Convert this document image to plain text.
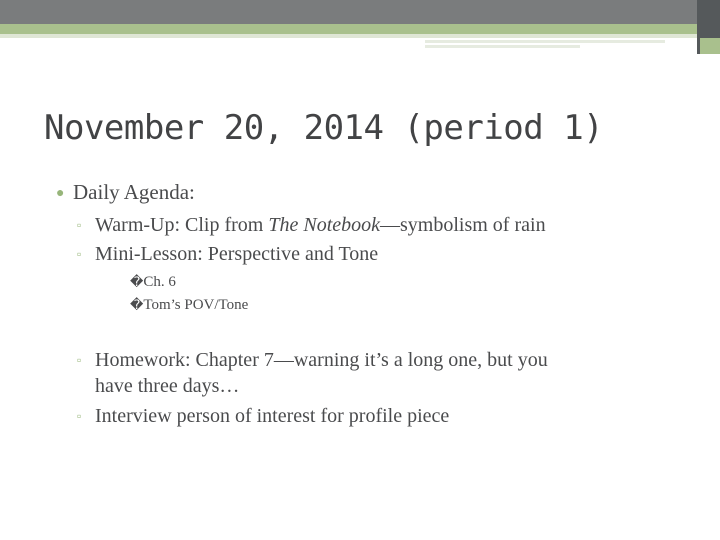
November 20, 2014 (period 1)
● Daily Agenda:
▫ Warm-Up: Clip from The Notebook—symbolism of rain
▫ Mini-Lesson: Perspective and Tone
�Ch. 6
�Tom’s POV/Tone
▫ Homework: Chapter 7—warning it’s a long one, but you
have three days…
▫ Interview person of interest for profile piece
